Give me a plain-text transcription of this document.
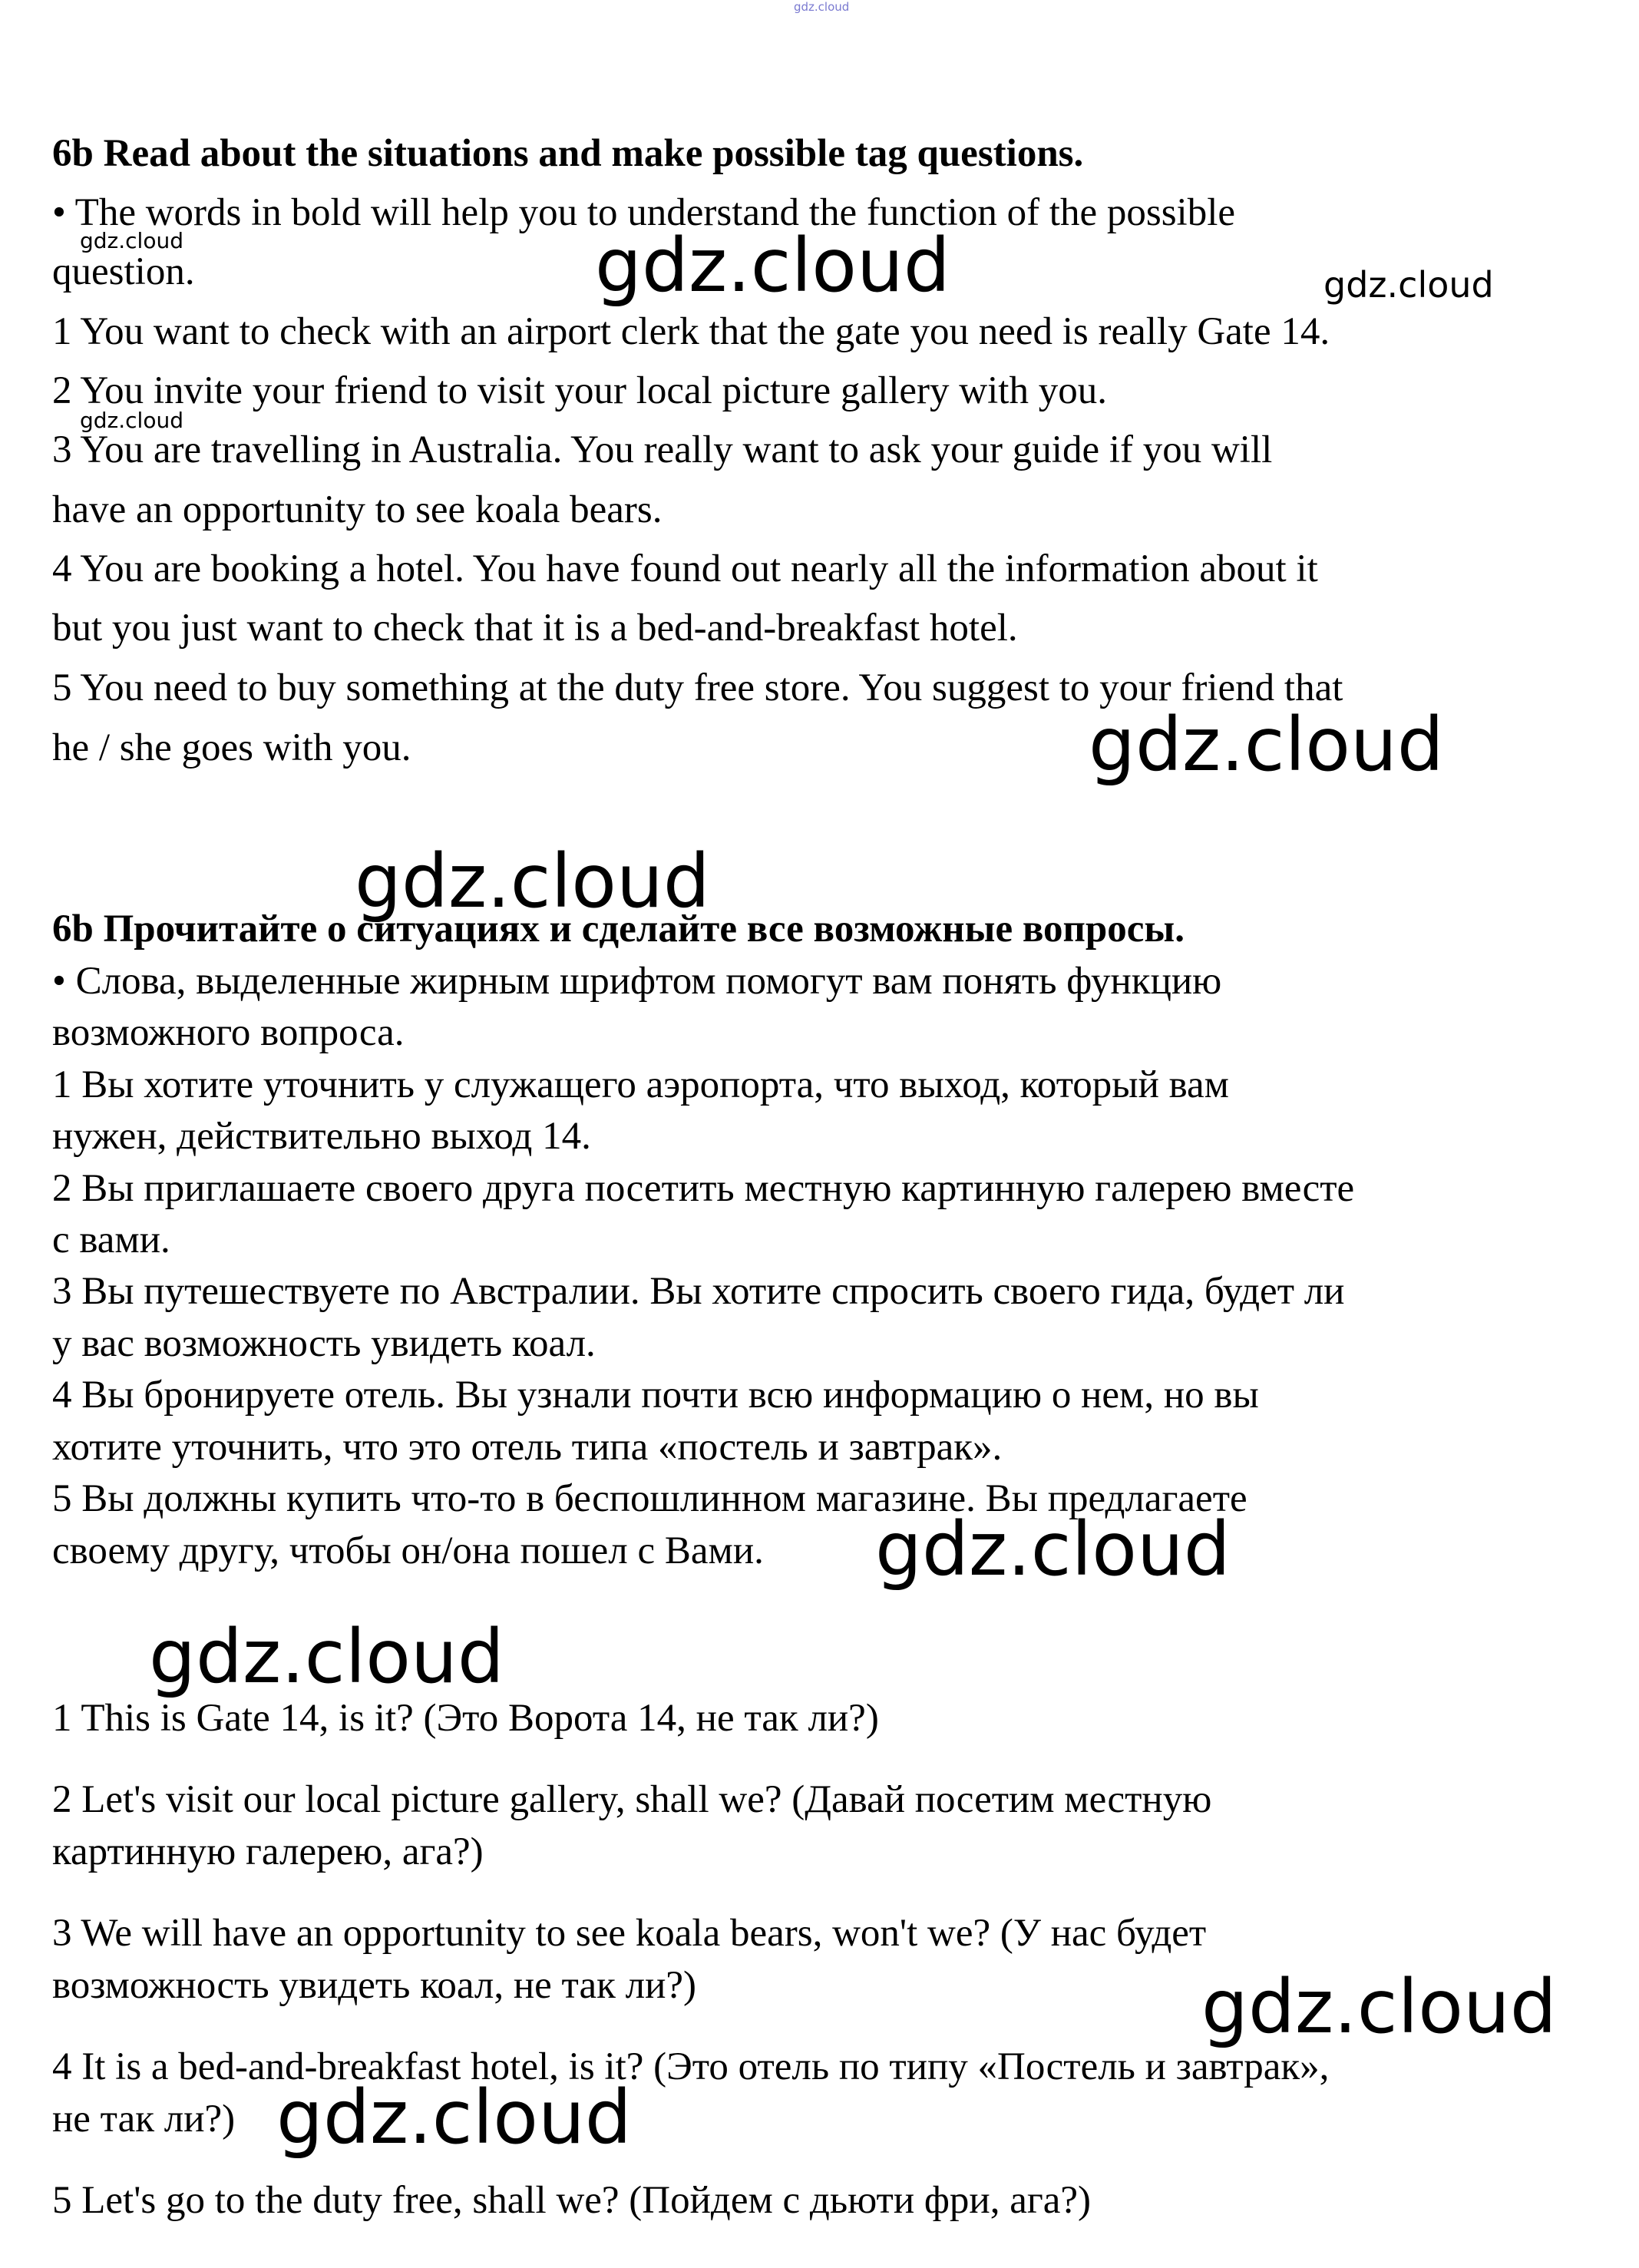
6b Read about the situations and make possible tag questions.
• The words in bold will help you to understand the function of the possible
question.
1 You want to check with an airport clerk that the gate you need is really Gate 14.
2 You invite your friend to visit your local picture gallery with you.
3 You are travelling in Australia. You really want to ask your guide if you will
have an opportunity to see koala bears.
4 You are booking a hotel. You have found out nearly all the information about it
but you just want to check that it is a bed-and-breakfast hotel.
5 You need to buy something at the duty free store. You suggest to your friend that
he / she goes with you.
6b Прочитайте о ситуациях и сделайте все возможные вопросы.
• Слова, выделенные жирным шрифтом помогут вам понять функцию
возможного вопроса.
1 Вы хотите уточнить у служащего аэропорта, что выход, который вам
нужен, действительно выход 14.
2 Вы приглашаете своего друга посетить местную картинную галерею вместе
с вами.
3 Вы путешествуете по Австралии. Вы хотите спросить своего гида, будет ли
у вас возможность увидеть коал.
4 Вы бронируете отель. Вы узнали почти всю информацию о нем, но вы
хотите уточнить, что это отель типа «постель и завтрак».
5 Вы должны купить что-то в беспошлинном магазине. Вы предлагаете
своему другу, чтобы он/она пошел с Вами.
1 This is Gate 14, is it? (Это Ворота 14, не так ли?)
2 Let's visit our local picture gallery, shall we? (Давай посетим местную
картинную галерею, ага?)
3 We will have an opportunity to see koala bears, won't we? (У нас будет
возможность увидеть коал, не так ли?)
4 It is a bed-and-breakfast hotel, is it? (Это отель по типу «Постель и завтрак»,
не так ли?)
5 Let's go to the duty free, shall we? (Пойдем с дьюти фри, ага?)
gdz.cloud
gdz.cloud	gdz.cloud	gdz.cloud
gdz.cloud
gdz.cloud
gdz.cloud
gdz.cloud
gdz.cloud
gdz.cloud
gdz.cloud
